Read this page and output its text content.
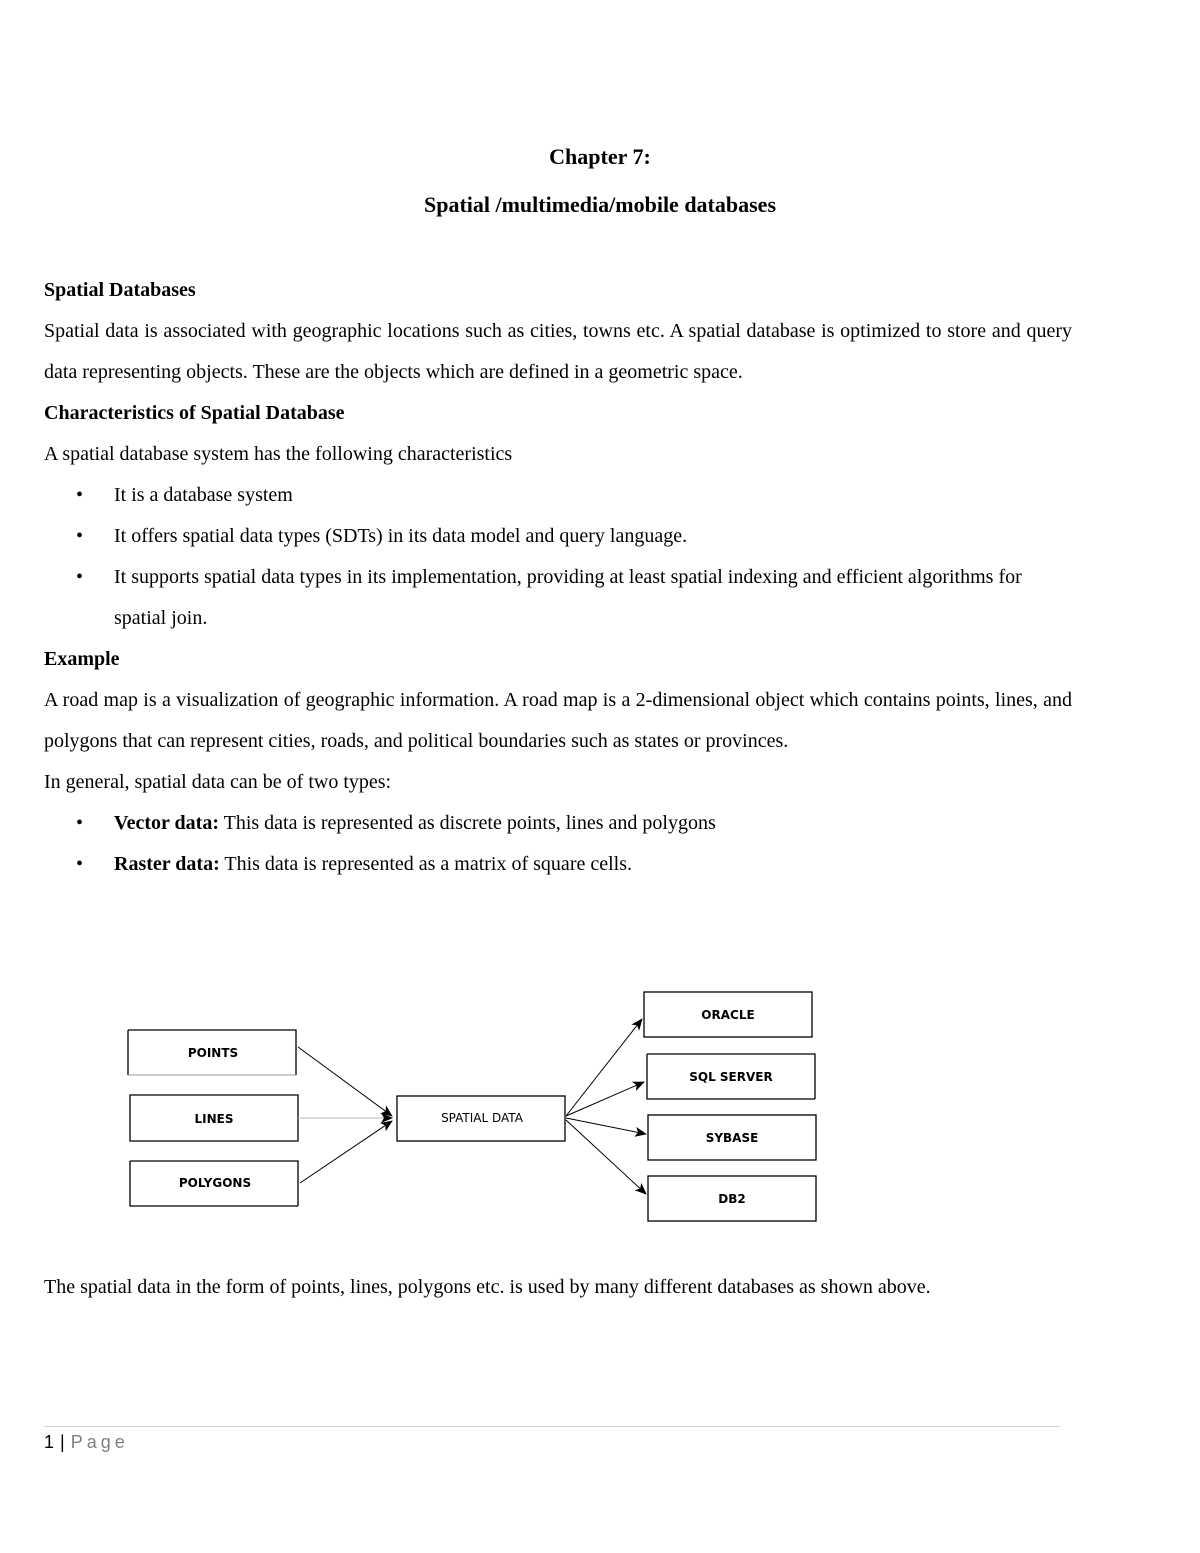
Chapter 7:
Spatial /multimedia/mobile databases
Spatial Databases
Spatial data is associated with geographic locations such as cities, towns etc. A spatial database is optimized to store and query data representing objects. These are the objects which are defined in a geometric space.
Characteristics of Spatial Database
A spatial database system has the following characteristics
• It is a database system
• It offers spatial data types (SDTs) in its data model and query language.
• It supports spatial data types in its implementation, providing at least spatial indexing and efficient algorithms for spatial join.
Example
A road map is a visualization of geographic information. A road map is a 2-dimensional object which contains points, lines, and polygons that can represent cities, roads, and political boundaries such as states or provinces.
In general, spatial data can be of two types:
• Vector data: This data is represented as discrete points, lines and polygons
• Raster data: This data is represented as a matrix of square cells.
POINTS
LINES
POLYGONS
SPATIAL DATA
ORACLE
SQL SERVER
SYBASE
DB2
The spatial data in the form of points, lines, polygons etc. is used by many different databases as shown above.
1 | Page
